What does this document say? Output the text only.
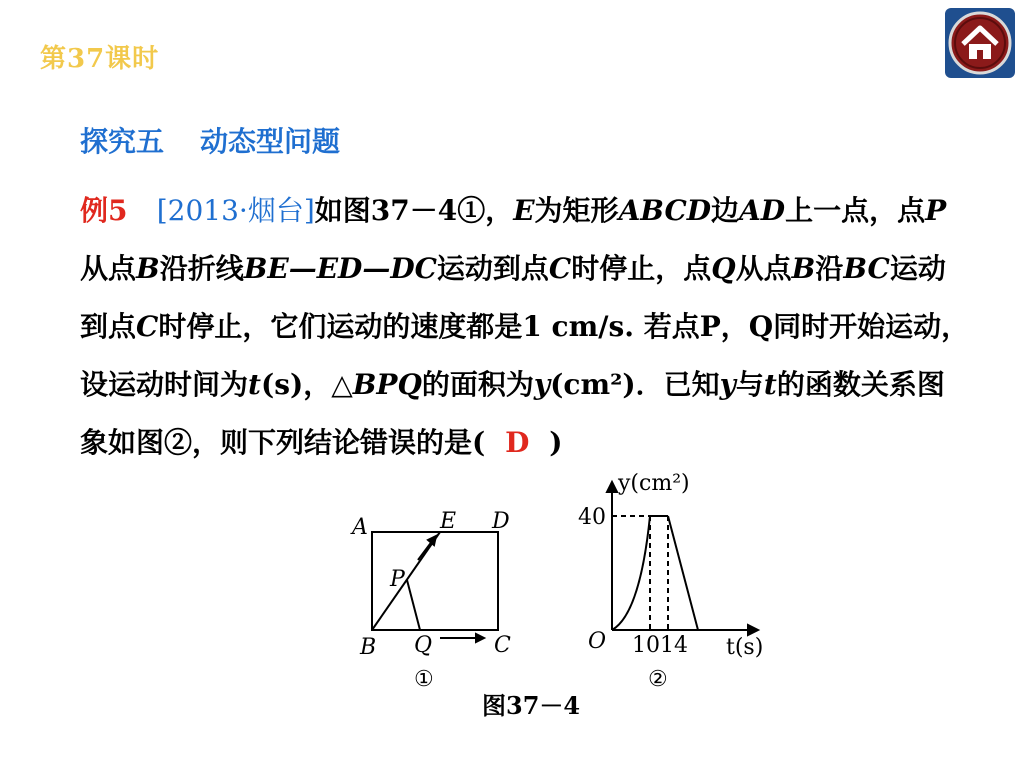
第37课时
探究五 动态型问题
例5 [2013·烟台]如图37－4①，E为矩形ABCD边AD上一点，点P从点B沿折线BE—ED—DC运动到点C时停止，点Q从点B沿BC运动到点C时停止，它们运动的速度都是1 cm/s. 若点P，Q同时开始运动，设运动时间为t(s)，△BPQ的面积为y(cm²)．已知y与t的函数关系图象如图②，则下列结论错误的是( D )
A	E D
P
B Q	C
①
y(cm²)
40
O 1014 t(s)
②
图37－4
